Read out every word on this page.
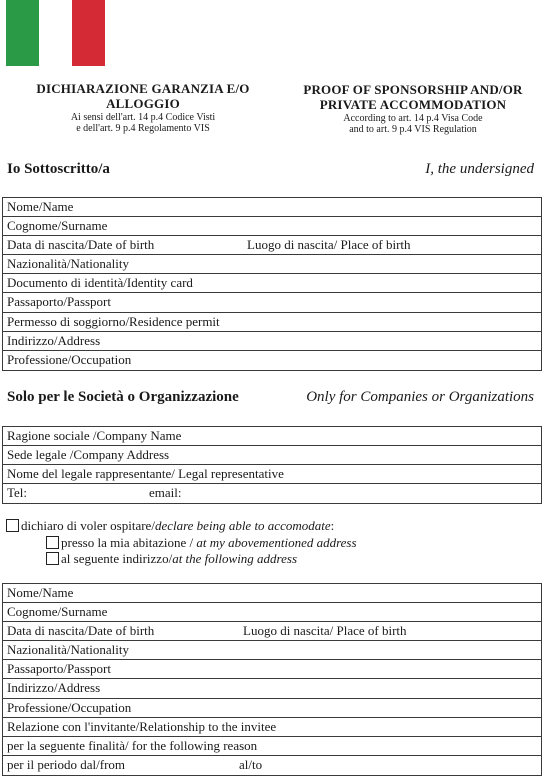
DICHIARAZIONE GARANZIA E/O
ALLOGGIO
Ai sensi dell'art. 14 p.4 Codice Visti
e dell'art. 9 p.4 Regolamento VIS
PROOF OF SPONSORSHIP AND/OR
PRIVATE ACCOMMODATION
According to art. 14 p.4 Visa Code
and to art. 9 p.4 VIS Regulation
Io Sottoscritto/a	I, the undersigned
Nome/Name
Cognome/Surname
Data di nascita/Date of birth	Luogo di nascita/ Place of birth
Nazionalità/Nationality
Documento di identità/Identity card
Passaporto/Passport
Permesso di soggiorno/Residence permit
Indirizzo/Address
Professione/Occupation
Solo per le Società o Organizzazione	Only for Companies or Organizations
Ragione sociale /Company Name
Sede legale /Company Address
Nome del legale rappresentante/ Legal representative
Tel:	email:
dichiaro di voler ospitare/declare being able to accomodate:
presso la mia abitazione / at my abovementioned address
al seguente indirizzo/at the following address
Nome/Name
Cognome/Surname
Data di nascita/Date of birth	Luogo di nascita/ Place of birth
Nazionalità/Nationality
Passaporto/Passport
Indirizzo/Address
Professione/Occupation
Relazione con l'invitante/Relationship to the invitee
per la seguente finalità/ for the following reason
per il periodo dal/from	al/to
